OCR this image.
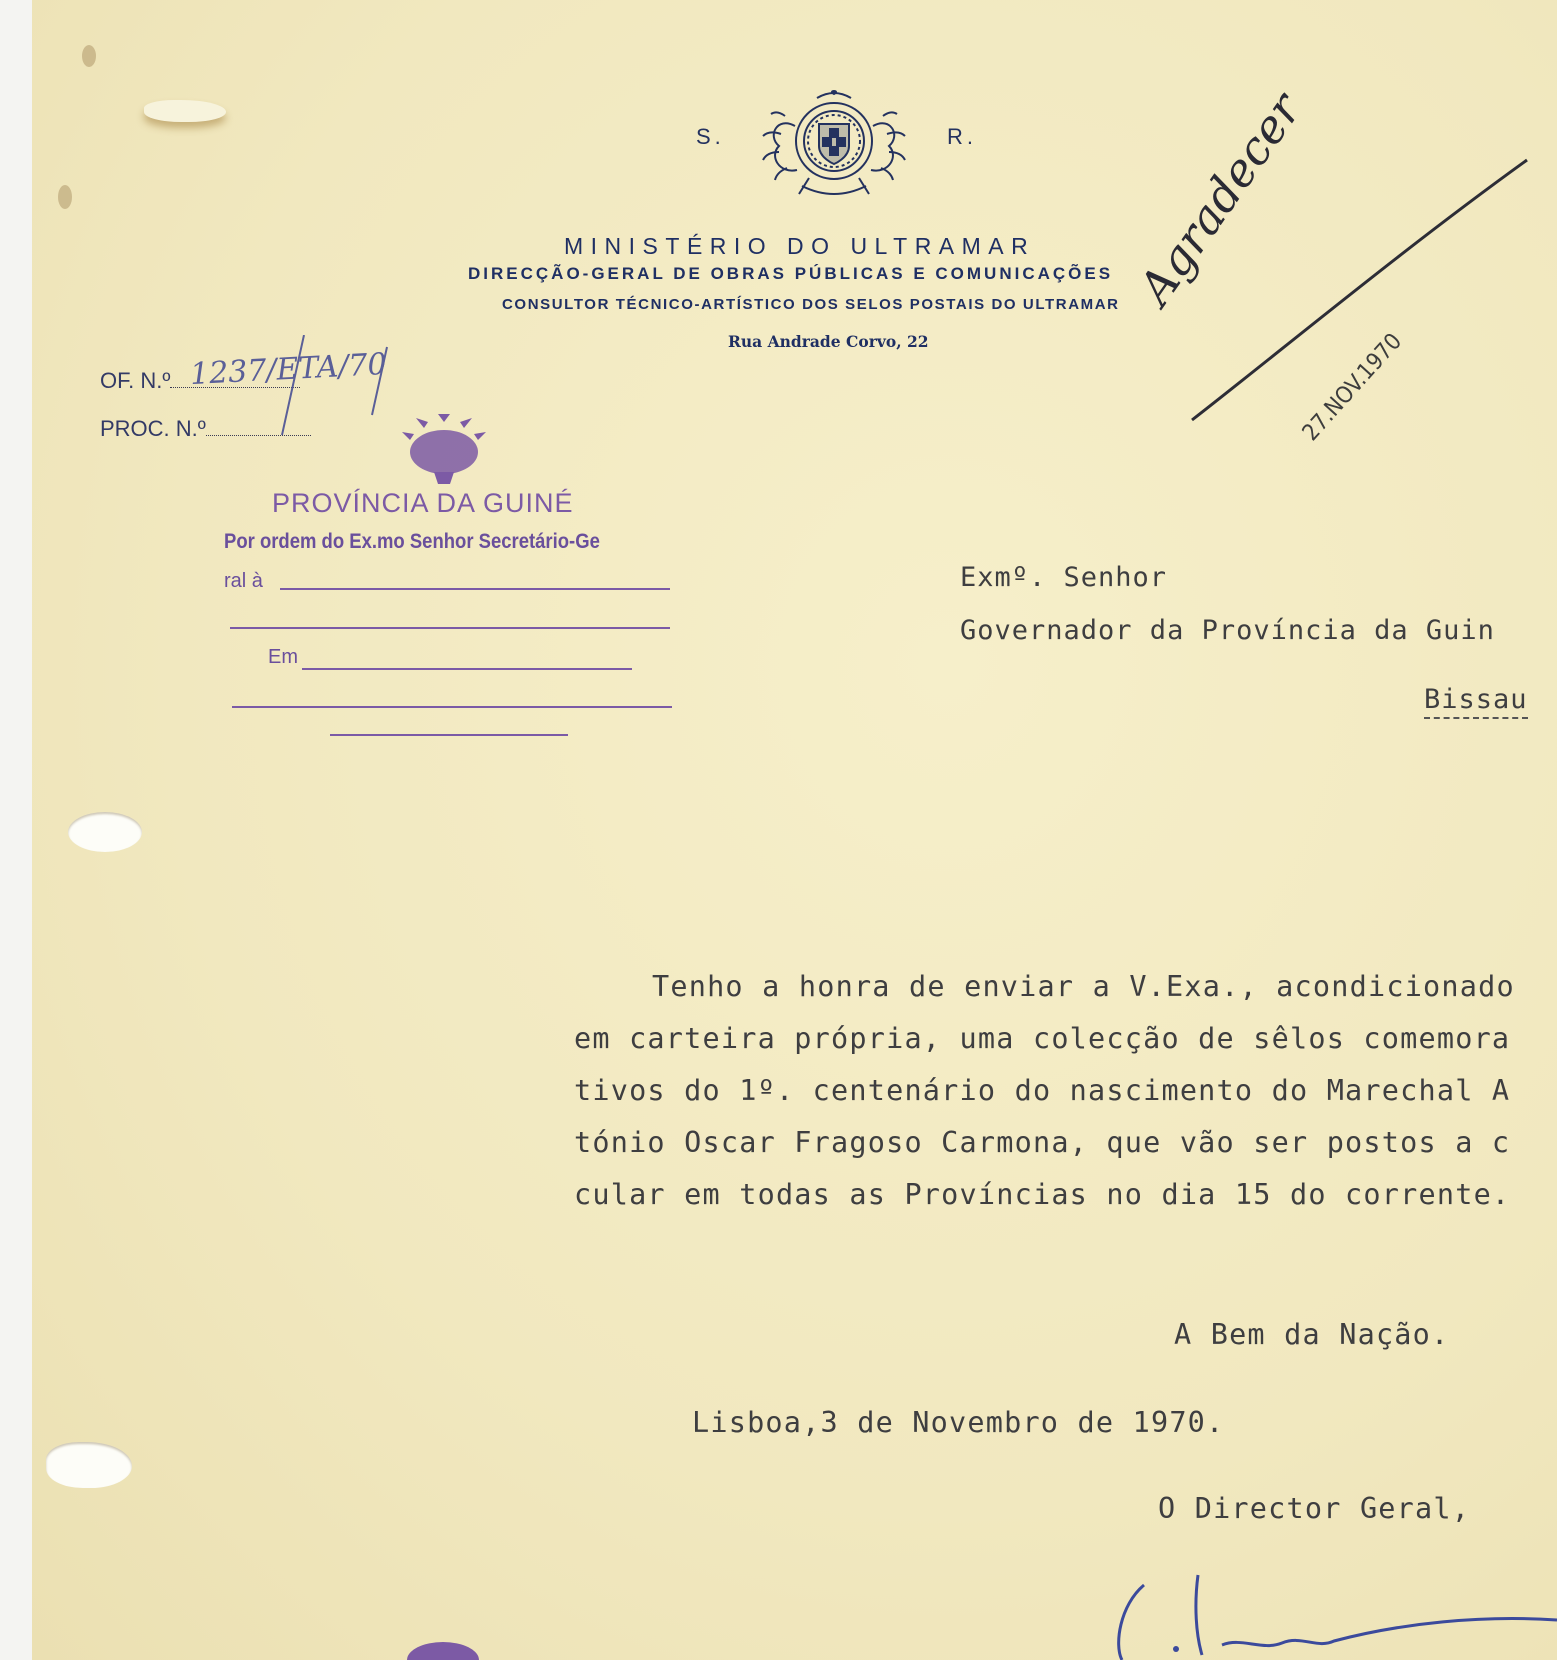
S.	R.
MINISTÉRIO DO ULTRAMAR
DIRECÇÃO-GERAL DE OBRAS PÚBLICAS E COMUNICAÇÕES
CONSULTOR TÉCNICO-ARTÍSTICO DOS SELOS POSTAIS DO ULTRAMAR
Rua Andrade Corvo, 22
OF. N.º 1237/ETA/70
PROC. N.º
PROVÍNCIA DA GUINÉ
Por ordem do Ex.mo Senhor Secretário-Ge
ral à
Em
Agradecer
27.NOV.1970
Exmº. Senhor
Governador da Província da Guin
Bissau
Tenho a honra de enviar a V.Exa., acondicionado
em carteira própria, uma colecção de sêlos comemora
tivos do 1º. centenário do nascimento do Marechal A
tónio Oscar Fragoso Carmona, que vão ser postos a c
cular em todas as Províncias no dia 15 do corrente.
A Bem da Nação.
Lisboa,3 de Novembro de 1970.
O Director Geral,
